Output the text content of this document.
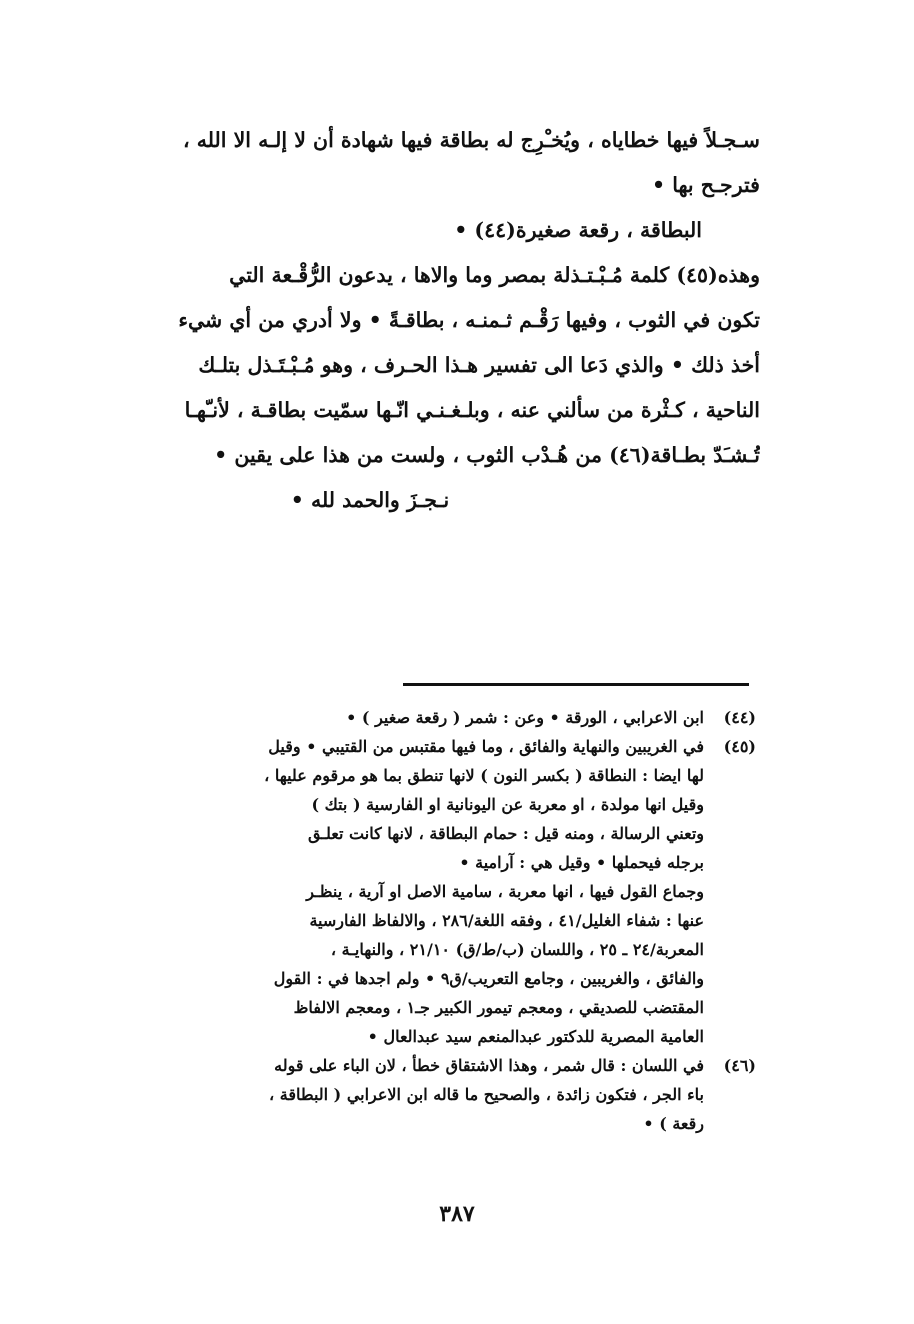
سـجـلاً فيها خطاياه ، ويُخـْرِج له بطاقة فيها شهادة أن لا إلـه الا الله ،
فترجـح بها •
البطاقة ، رقعة صغيرة(٤٤) •
وهذه(٤٥) كلمة مُـبْـتـذلة بمصر وما والاها ، يدعون الرُّقْـعة التي
تكون في الثوب ، وفيها رَقْـم ثـمنـه ، بطاقـةً • ولا أدري من أي شيء
أخذ ذلك • والذي دَعا الى تفسير هـذا الحـرف ، وهو مُـبْـتَـذل بتلـك
الناحية ، كـثْرة من سألني عنه ، وبلـغـنـي انّـها سمّيت بطاقـة ، لأنـّهـا
تُـشـَدّ بطـاقة(٤٦) من هُـدْب الثوب ، ولست من هذا على يقين •
نـجـزَ والحمد لله •
(٤٤)
ابن الاعرابي ، الورقة • وعن : شمر ( رقعة صغير ) •
(٤٥)
في الغريبين والنهاية والفائق ، وما فيها مقتبس من القتيبي • وقيل
لها ايضا : النطاقة ( بكسر النون ) لانها تنطق بما هو مرقوم عليها ،
وقيل انها مولدة ، او معربة عن اليونانية او الفارسية ( بتك )
وتعني الرسالة ، ومنه قيل : حمام البطاقة ، لانها كانت تعلـق
برجله فيحملها • وقيل هي : آرامية •
وجماع القول فيها ، انها معربة ، سامية الاصل او آرية ، ينظـر
عنها : شفاء الغليل/٤١ ، وفقه اللغة/٢٨٦ ، والالفاظ الفارسية
المعربة/٢٤ ـ ٢٥ ، واللسان (ب/ط/ق) ٢١/١٠ ، والنهايـة ،
والفائق ، والغريبين ، وجامع التعريب/ق٩ • ولم اجدها في : القول
المقتضب للصديقي ، ومعجم تيمور الكبير جـ١ ، ومعجم الالفاظ
العامية المصرية للدكتور عبدالمنعم سيد عبدالعال •
(٤٦)
في اللسان : قال شمر ، وهذا الاشتقاق خطأ ، لان الباء على قوله
باء الجر ، فتكون زائدة ، والصحيح ما قاله ابن الاعرابي ( البطاقة ،
رقعة ) •
٣٨٧
